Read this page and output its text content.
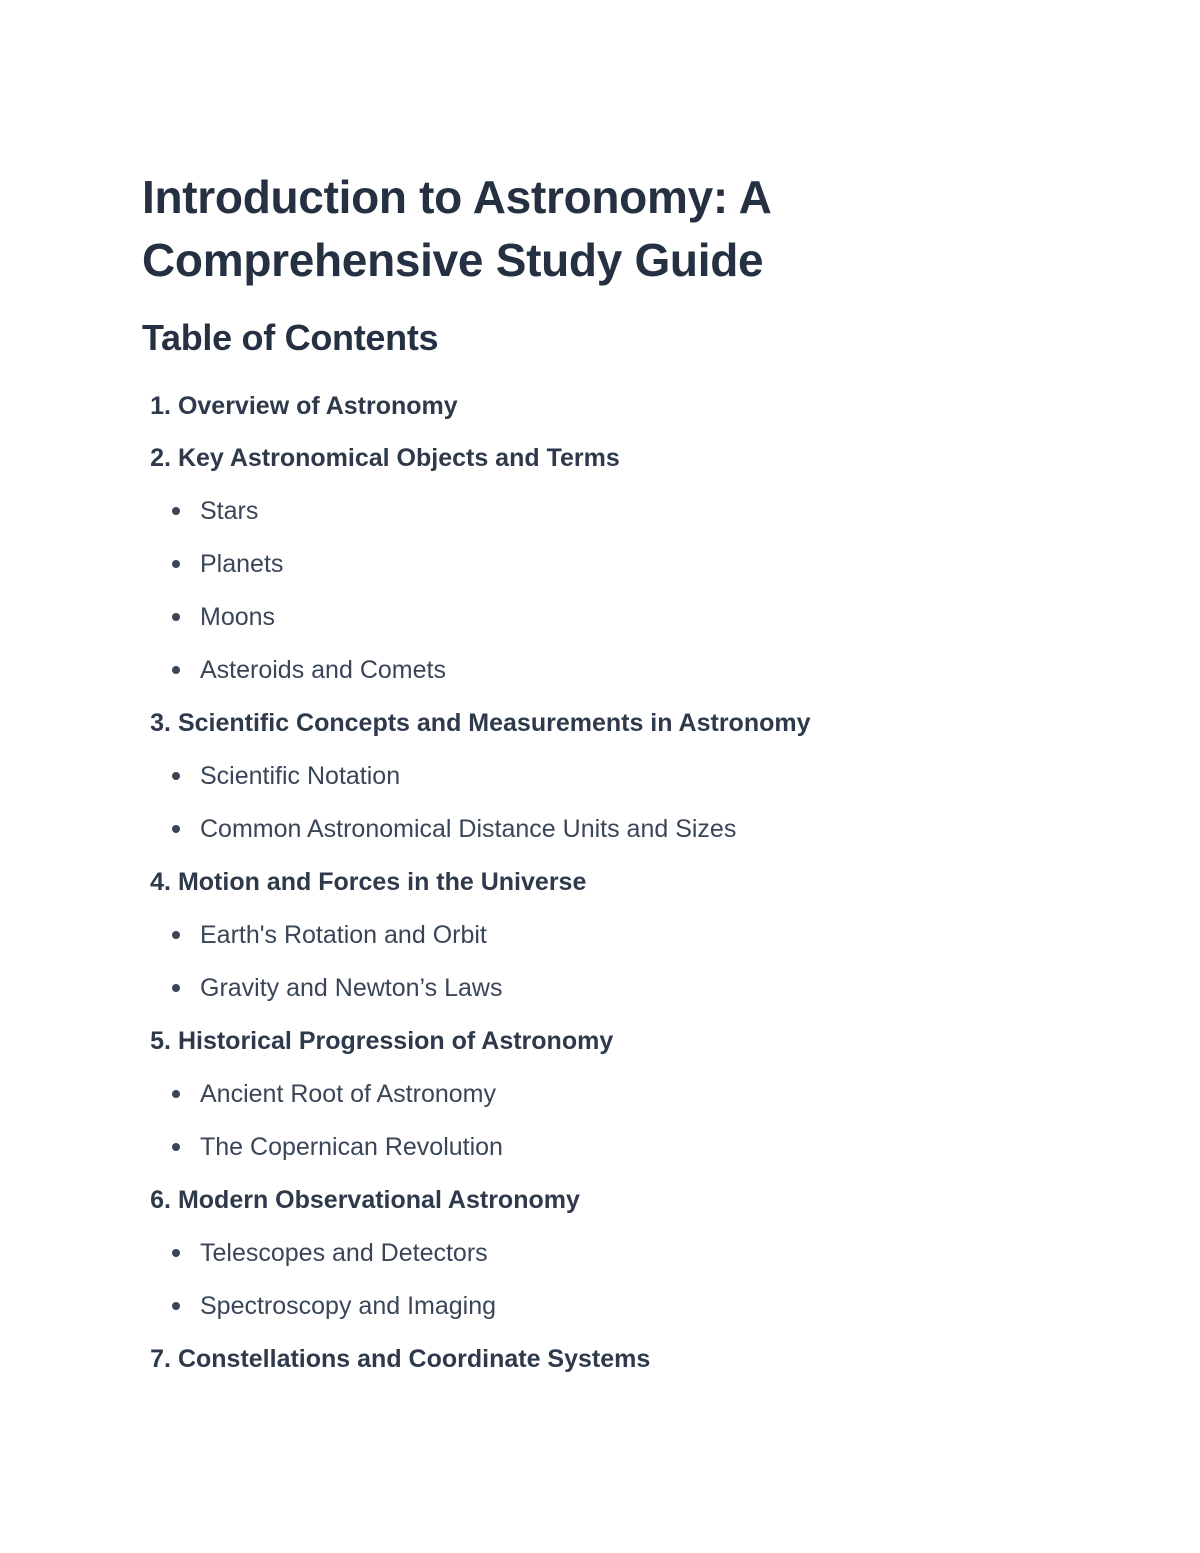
Introduction to Astronomy: A Comprehensive Study Guide
Table of Contents
1. Overview of Astronomy
2. Key Astronomical Objects and Terms
Stars
Planets
Moons
Asteroids and Comets
3. Scientific Concepts and Measurements in Astronomy
Scientific Notation
Common Astronomical Distance Units and Sizes
4. Motion and Forces in the Universe
Earth's Rotation and Orbit
Gravity and Newton’s Laws
5. Historical Progression of Astronomy
Ancient Root of Astronomy
The Copernican Revolution
6. Modern Observational Astronomy
Telescopes and Detectors
Spectroscopy and Imaging
7. Constellations and Coordinate Systems
